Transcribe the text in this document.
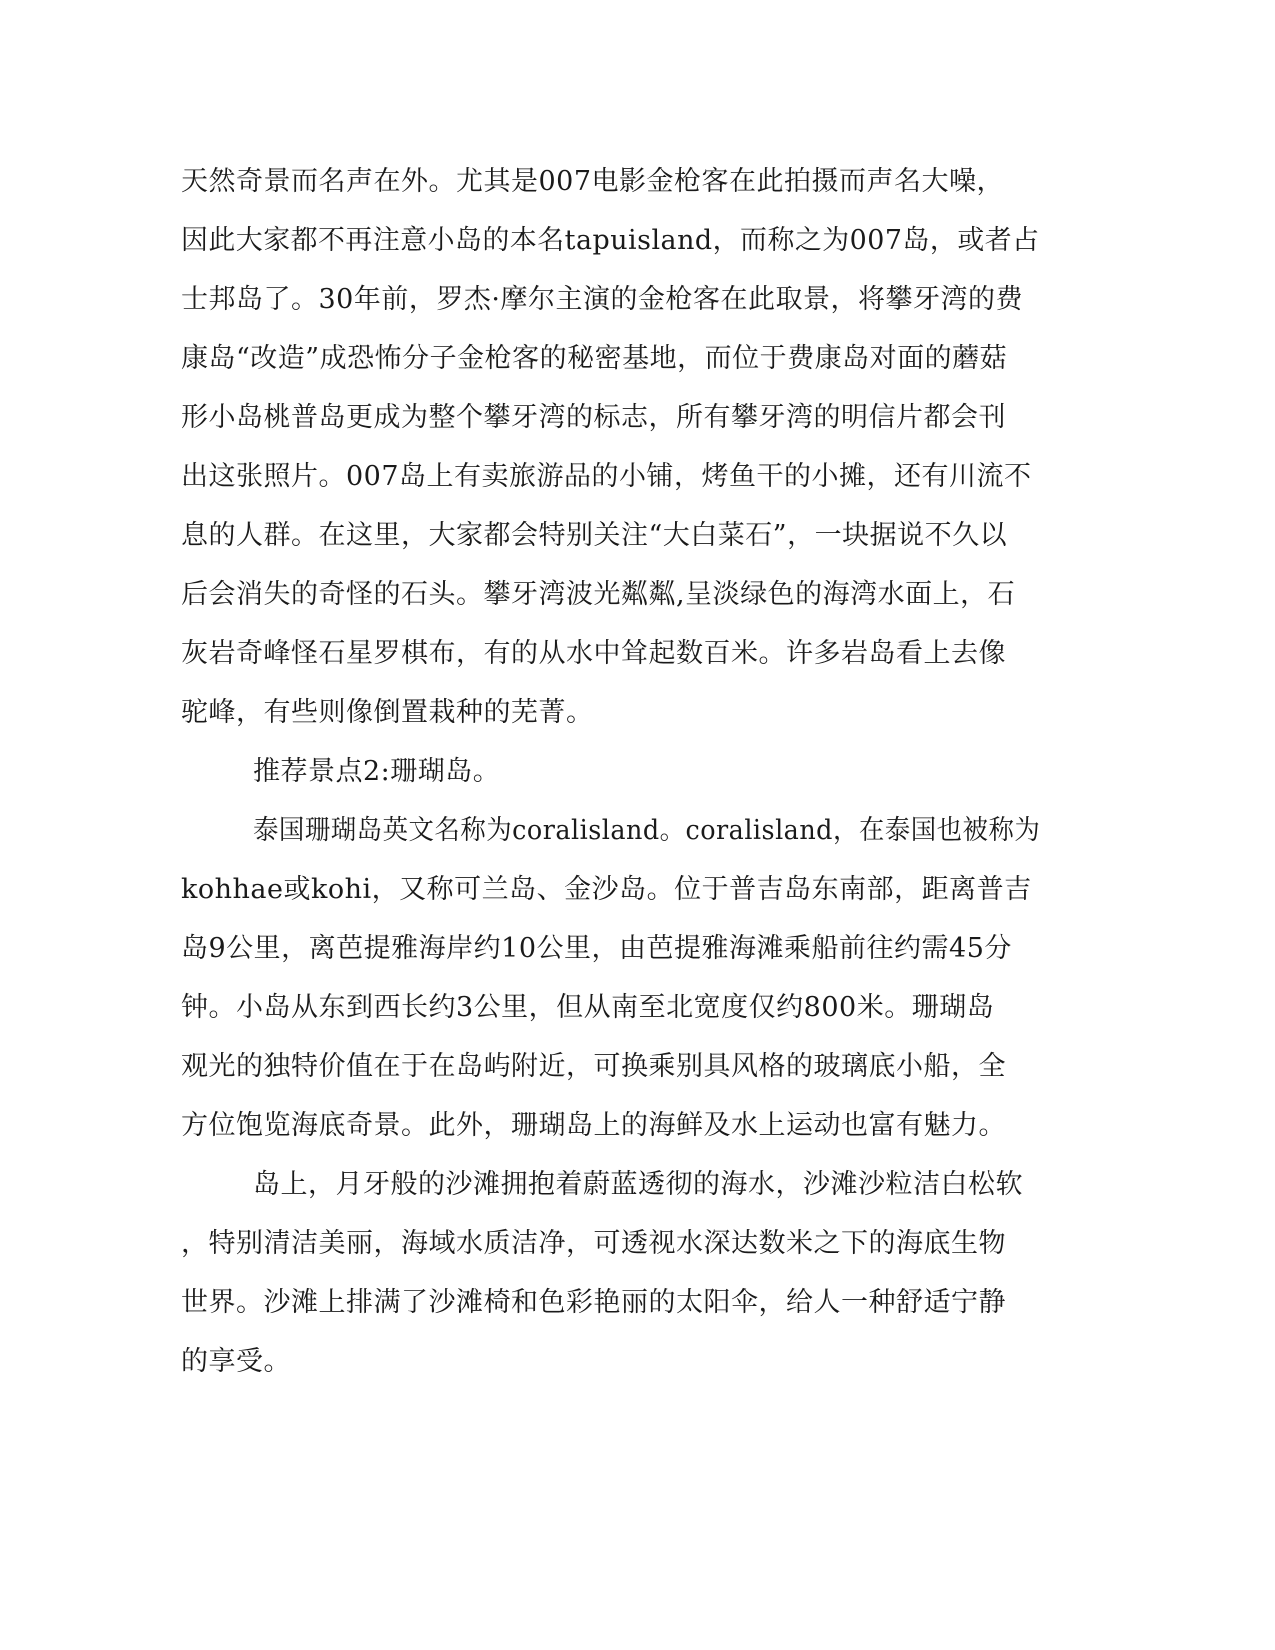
天然奇景而名声在外。尤其是007电影金枪客在此拍摄而声名大噪，
因此大家都不再注意小岛的本名tapuisland，而称之为007岛，或者占
士邦岛了。30年前，罗杰·摩尔主演的金枪客在此取景，将攀牙湾的费
康岛“改造”成恐怖分子金枪客的秘密基地，而位于费康岛对面的蘑菇
形小岛桃普岛更成为整个攀牙湾的标志，所有攀牙湾的明信片都会刊
出这张照片。007岛上有卖旅游品的小铺，烤鱼干的小摊，还有川流不
息的人群。在这里，大家都会特别关注“大白菜石”，一块据说不久以
后会消失的奇怪的石头。攀牙湾波光粼粼,呈淡绿色的海湾水面上，石
灰岩奇峰怪石星罗棋布，有的从水中耸起数百米。许多岩岛看上去像
驼峰，有些则像倒置栽种的芜菁。
推荐景点2:珊瑚岛。
泰国珊瑚岛英文名称为coralisland。coralisland，在泰国也被称为
kohhae或kohi，又称可兰岛、金沙岛。位于普吉岛东南部，距离普吉
岛9公里，离芭提雅海岸约10公里，由芭提雅海滩乘船前往约需45分
钟。小岛从东到西长约3公里，但从南至北宽度仅约800米。珊瑚岛
观光的独特价值在于在岛屿附近，可换乘别具风格的玻璃底小船，全
方位饱览海底奇景。此外，珊瑚岛上的海鲜及水上运动也富有魅力。
岛上，月牙般的沙滩拥抱着蔚蓝透彻的海水，沙滩沙粒洁白松软
，特别清洁美丽，海域水质洁净，可透视水深达数米之下的海底生物
世界。沙滩上排满了沙滩椅和色彩艳丽的太阳伞，给人一种舒适宁静
的享受。
